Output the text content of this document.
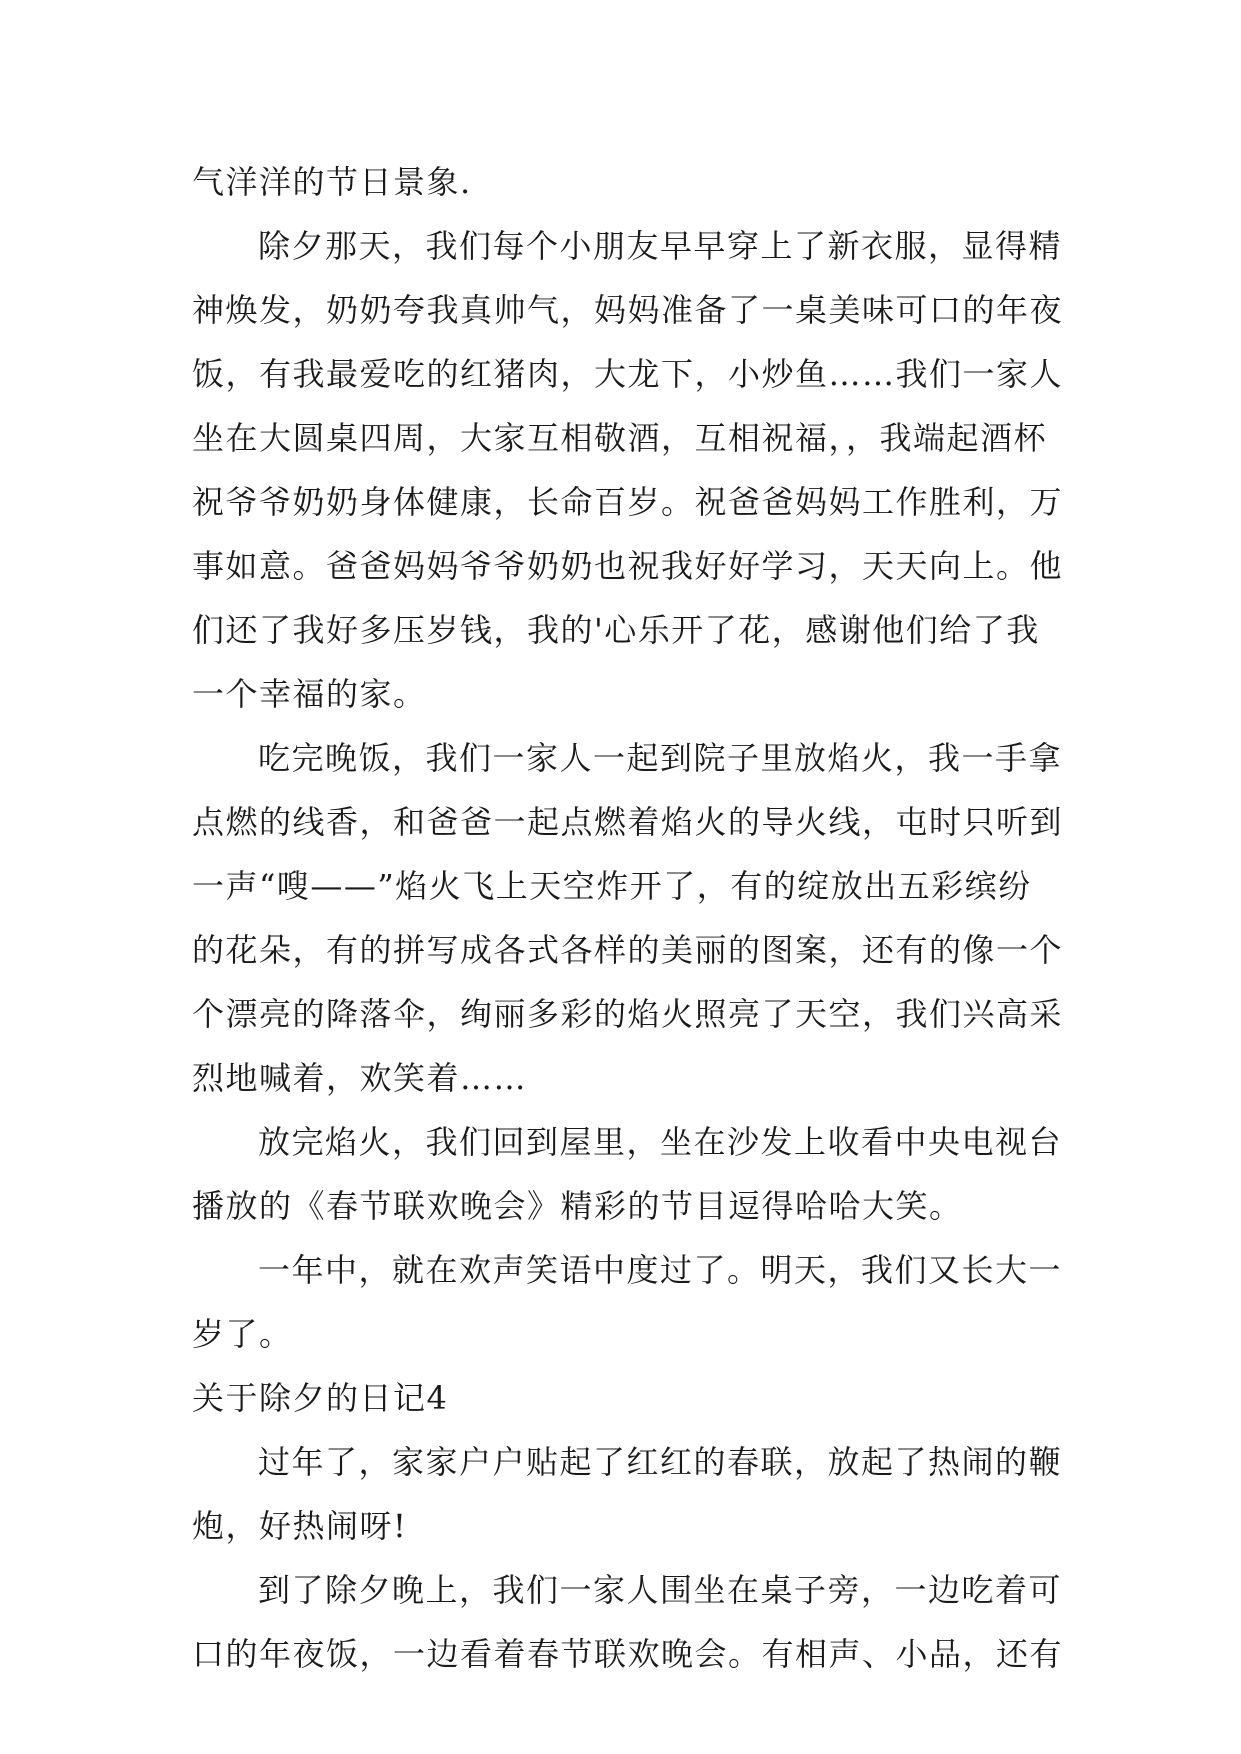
气洋洋的节日景象.
除夕那天，我们每个小朋友早早穿上了新衣服，显得精
神焕发，奶奶夸我真帅气，妈妈准备了一桌美味可口的年夜
饭，有我最爱吃的红猪肉，大龙下，小炒鱼……我们一家人
坐在大圆桌四周，大家互相敬酒，互相祝福，，我端起酒杯
祝爷爷奶奶身体健康，长命百岁。祝爸爸妈妈工作胜利，万
事如意。爸爸妈妈爷爷奶奶也祝我好好学习，天天向上。他
们还了我好多压岁钱，我的'心乐开了花，感谢他们给了我
一个幸福的家。
吃完晚饭，我们一家人一起到院子里放焰火，我一手拿
点燃的线香，和爸爸一起点燃着焰火的导火线，屯时只听到
一声“嗖——”焰火飞上天空炸开了，有的绽放出五彩缤纷
的花朵，有的拼写成各式各样的美丽的图案，还有的像一个
个漂亮的降落伞，绚丽多彩的焰火照亮了天空，我们兴高采
烈地喊着，欢笑着……
放完焰火，我们回到屋里，坐在沙发上收看中央电视台
播放的《春节联欢晚会》精彩的节目逗得哈哈大笑。
一年中，就在欢声笑语中度过了。明天，我们又长大一
岁了。
关于除夕的日记4
过年了，家家户户贴起了红红的春联，放起了热闹的鞭
炮，好热闹呀!
到了除夕晚上，我们一家人围坐在桌子旁，一边吃着可
口的年夜饭，一边看着春节联欢晚会。有相声、小品，还有
